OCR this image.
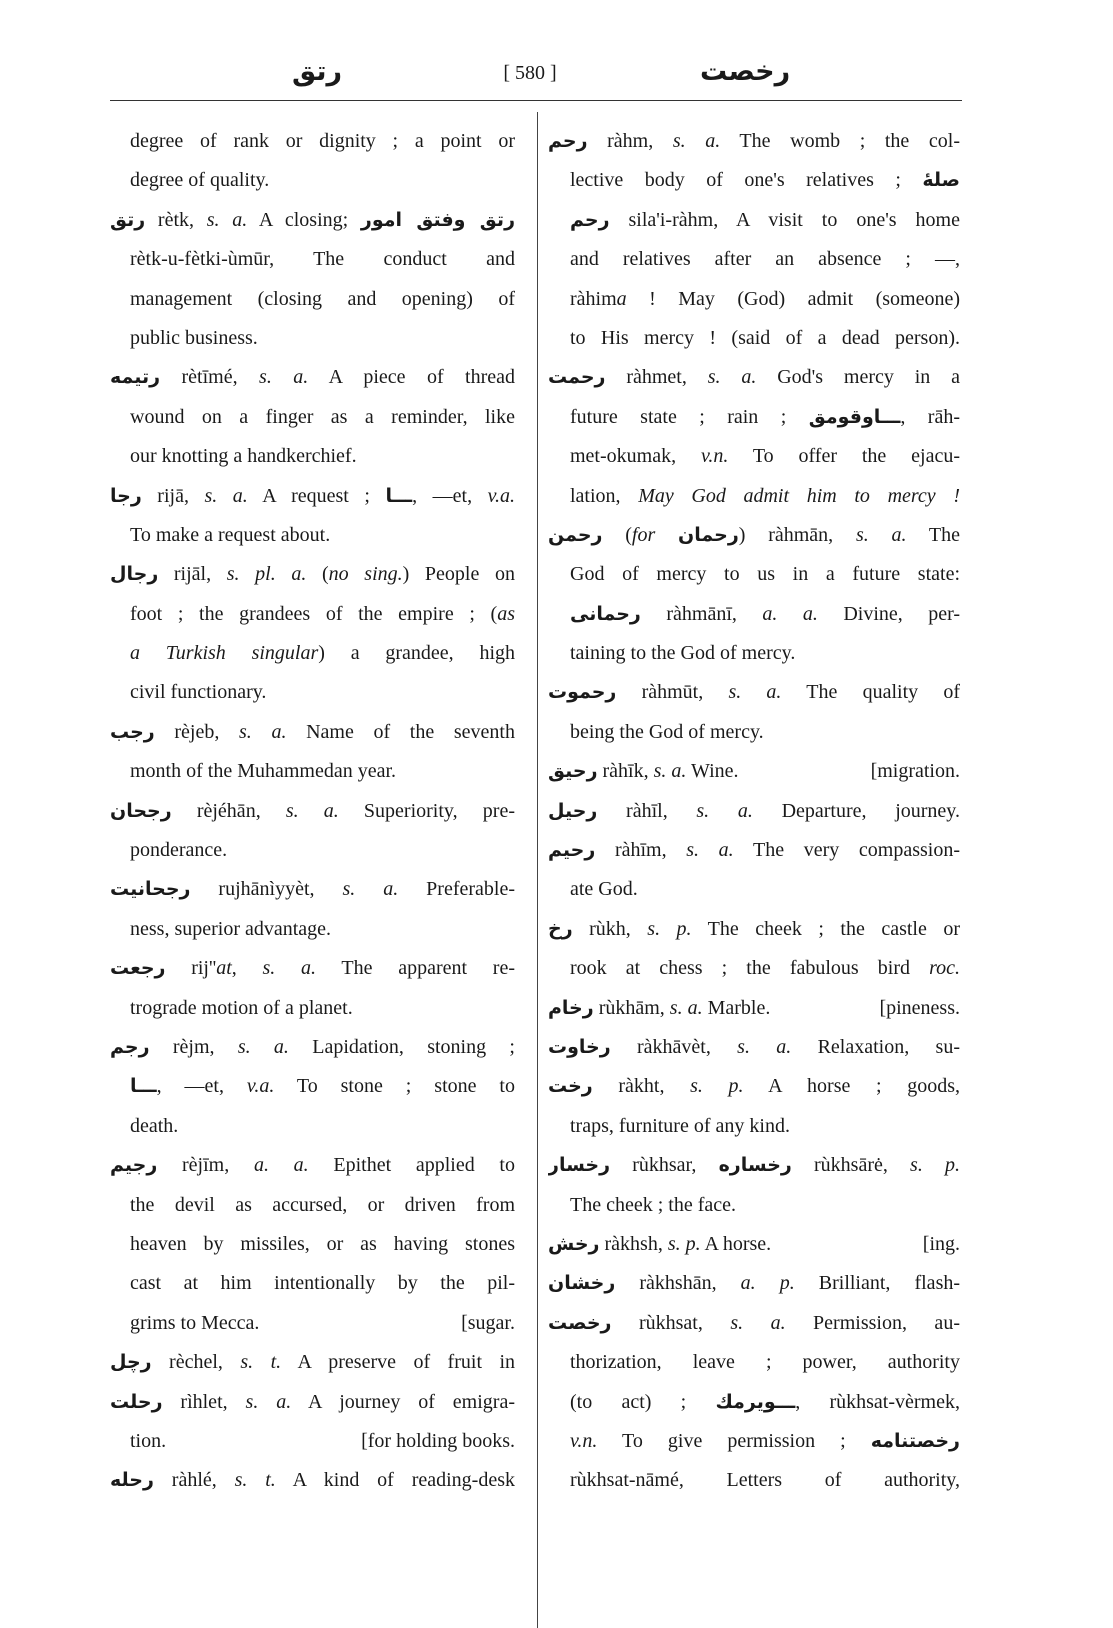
رتق	[ 580 ]	رخصت
degree of rank or dignity ; a point or
degree of quality.
رتق rètk, s. a. A closing; رتق وفتق امور
rètk-u-fètki-ùmūr, The conduct and
management (closing and opening) of
public business.
رتيمه rètīmé, s. a. A piece of thread
wound on a finger as a reminder, like
our knotting a handkerchief.
رجا rijā, s. a. A request ; ـــا, —et, v.a.
To make a request about.
رجال rijāl, s. pl. a. (no sing.) People on
foot ; the grandees of the empire ; (as
a Turkish singular) a grandee, high
civil functionary.
رجب rèjeb, s. a. Name of the seventh
month of the Muhammedan year.
رجحان rèjéhān, s. a. Superiority, pre-
ponderance.
رجحانيت rujhānìyyèt, s. a. Preferable-
ness, superior advantage.
رجعت rij''at, s. a. The apparent re-
trograde motion of a planet.
رجم rèjm, s. a. Lapidation, stoning ;
ـــا, —et, v.a. To stone ; stone to
death.
رجيم rèjīm, a. a. Epithet applied to
the devil as accursed, or driven from
heaven by missiles, or as having stones
cast at him intentionally by the pil-
grims to Mecca.	[sugar.
رچل rèchel, s. t. A preserve of fruit in
رحلت rìhlet, s. a. A journey of emigra-
tion.	[for holding books.
رحله ràhlé, s. t. A kind of reading-desk
رحم ràhm, s. a. The womb ; the col-
lective body of one's relatives ; صلهٔ
رحم sila'i-ràhm, A visit to one's home
and relatives after an absence ; —,
ràhima ! May (God) admit (someone)
to His mercy ! (said of a dead person).
رحمت ràhmet, s. a. God's mercy in a
future state ; rain ; ـــاوقومق, rāh-
met-okumak, v.n. To offer the ejacu-
lation, May God admit him to mercy !
رحمن (for رحمان) ràhmān, s. a. The
God of mercy to us in a future state:
رحمانى ràhmānī, a. a. Divine, per-
taining to the God of mercy.
رحموت ràhmūt, s. a. The quality of
being the God of mercy.
رحيق ràhīk, s. a. Wine.	[migration.
رحيل ràhīl, s. a. Departure, journey.
رحيم ràhīm, s. a. The very compassion-
ate God.
رخ rùkh, s. p. The cheek ; the castle or
rook at chess ; the fabulous bird roc.
رخام rùkhām, s. a. Marble.	[pineness.
رخاوت ràkhāvèt, s. a. Relaxation, su-
رخت ràkht, s. p. A horse ; goods,
traps, furniture of any kind.
رخسار rùkhsar, رخساره rùkhsārė, s. p.
The cheek ; the face.
رخش ràkhsh, s. p. A horse.	[ing.
رخشان ràkhshān, a. p. Brilliant, flash-
رخصت rùkhsat, s. a. Permission, au-
thorization, leave ; power, authority
(to act) ; ـــويرمك, rùkhsat-vèrmek,
v.n. To give permission ; رخصتنامه
rùkhsat-nāmé, Letters of authority,
